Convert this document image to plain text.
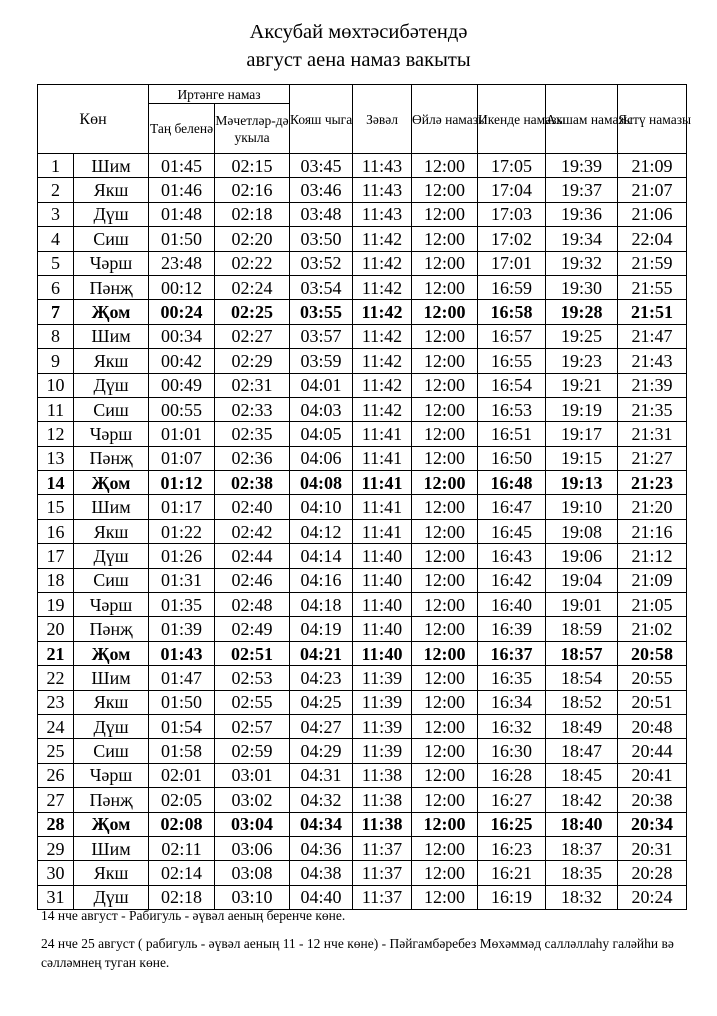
Аксубай мөхтәсибәтендә
август аена намаз вакыты
Көн		Иртәнге намаз		Кояш чыга	Зәвәл	Өйлә намазы	Икенде намазы	Ахшам намазы	Ястү намазы
		Таң беленә	Мәчетләр-дә укыла						
1	Шим	01:45	02:15	03:45	11:43	12:00	17:05	19:39	21:09
2	Якш	01:46	02:16	03:46	11:43	12:00	17:04	19:37	21:07
3	Дүш	01:48	02:18	03:48	11:43	12:00	17:03	19:36	21:06
4	Сиш	01:50	02:20	03:50	11:42	12:00	17:02	19:34	22:04
5	Чәрш	23:48	02:22	03:52	11:42	12:00	17:01	19:32	21:59
6	Пәнҗ	00:12	02:24	03:54	11:42	12:00	16:59	19:30	21:55
7	Җом	00:24	02:25	03:55	11:42	12:00	16:58	19:28	21:51
8	Шим	00:34	02:27	03:57	11:42	12:00	16:57	19:25	21:47
9	Якш	00:42	02:29	03:59	11:42	12:00	16:55	19:23	21:43
10	Дүш	00:49	02:31	04:01	11:42	12:00	16:54	19:21	21:39
11	Сиш	00:55	02:33	04:03	11:42	12:00	16:53	19:19	21:35
12	Чәрш	01:01	02:35	04:05	11:41	12:00	16:51	19:17	21:31
13	Пәнҗ	01:07	02:36	04:06	11:41	12:00	16:50	19:15	21:27
14	Җом	01:12	02:38	04:08	11:41	12:00	16:48	19:13	21:23
15	Шим	01:17	02:40	04:10	11:41	12:00	16:47	19:10	21:20
16	Якш	01:22	02:42	04:12	11:41	12:00	16:45	19:08	21:16
17	Дүш	01:26	02:44	04:14	11:40	12:00	16:43	19:06	21:12
18	Сиш	01:31	02:46	04:16	11:40	12:00	16:42	19:04	21:09
19	Чәрш	01:35	02:48	04:18	11:40	12:00	16:40	19:01	21:05
20	Пәнҗ	01:39	02:49	04:19	11:40	12:00	16:39	18:59	21:02
21	Җом	01:43	02:51	04:21	11:40	12:00	16:37	18:57	20:58
22	Шим	01:47	02:53	04:23	11:39	12:00	16:35	18:54	20:55
23	Якш	01:50	02:55	04:25	11:39	12:00	16:34	18:52	20:51
24	Дүш	01:54	02:57	04:27	11:39	12:00	16:32	18:49	20:48
25	Сиш	01:58	02:59	04:29	11:39	12:00	16:30	18:47	20:44
26	Чәрш	02:01	03:01	04:31	11:38	12:00	16:28	18:45	20:41
27	Пәнҗ	02:05	03:02	04:32	11:38	12:00	16:27	18:42	20:38
28	Җом	02:08	03:04	04:34	11:38	12:00	16:25	18:40	20:34
29	Шим	02:11	03:06	04:36	11:37	12:00	16:23	18:37	20:31
30	Якш	02:14	03:08	04:38	11:37	12:00	16:21	18:35	20:28
31	Дүш	02:18	03:10	04:40	11:37	12:00	16:19	18:32	20:24
14 нче август - Рабигуль - әүвәл аеның беренче көне.
24 нче 25 август ( рабигуль - әүвәл аеның 11 - 12 нче көне) - Пәйгамбәребез Мөхәммәд салләллаһу галәйһи вә сәлләмнең туган көне.
